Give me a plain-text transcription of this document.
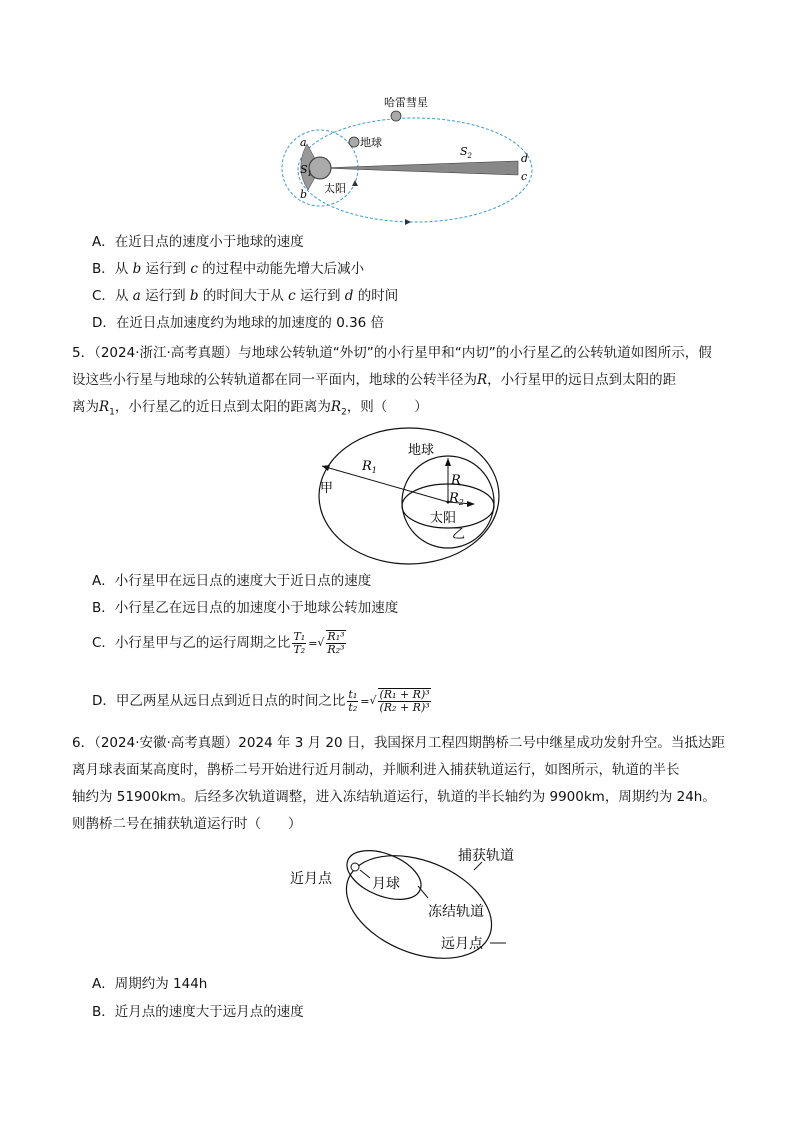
哈雷彗星
地球
太阳
a
b
d
c
$S_1$
$S_2$
A．在近日点的速度小于地球的速度
B．从 b 运行到 c 的过程中动能先增大后减小
C．从 a 运行到 b 的时间大于从 c 运行到 d 的时间
D．在近日点加速度约为地球的加速度的 0.36 倍
5．（2024·浙江·高考真题）与地球公转轨道“外切”的小行星甲和“内切”的小行星乙的公转轨道如图所示，假
设这些小行星与地球的公转轨道都在同一平面内，地球的公转半径为R，小行星甲的远日点到太阳的距
离为$R_1$，小行星乙的近日点到太阳的距离为$R_2$，则（　　）
地球
甲
乙
太阳
R
$R_1$
$R_2$
A．小行星甲在远日点的速度大于近日点的速度
B．小行星乙在远日点的加速度小于地球公转加速度
C．小行星甲与乙的运行周期之比 $\frac{\text{T₁}}{\text{T₂}}$ =√ $\frac{\text{R₁³}}{\text{R₂³}}$
D．甲乙两星从远日点到近日点的时间之比 $\frac{\text{t₁}}{\text{t₂}}$ =√ $\frac{\text{(R₁ + R)³}}{\text{(R₂ + R)³}}$
6．（2024·安徽·高考真题）2024 年 3 月 20 日，我国探月工程四期鹊桥二号中继星成功发射升空。当抵达距
离月球表面某高度时，鹊桥二号开始进行近月制动，并顺利进入捕获轨道运行，如图所示，轨道的半长
轴约为 51900km。后经多次轨道调整，进入冻结轨道运行，轨道的半长轴约为 9900km，周期约为 24h。
则鹊桥二号在捕获轨道运行时（　　）
捕获轨道
近月点	月球
冻结轨道
远月点
A．周期约为 144h
B．近月点的速度大于远月点的速度
